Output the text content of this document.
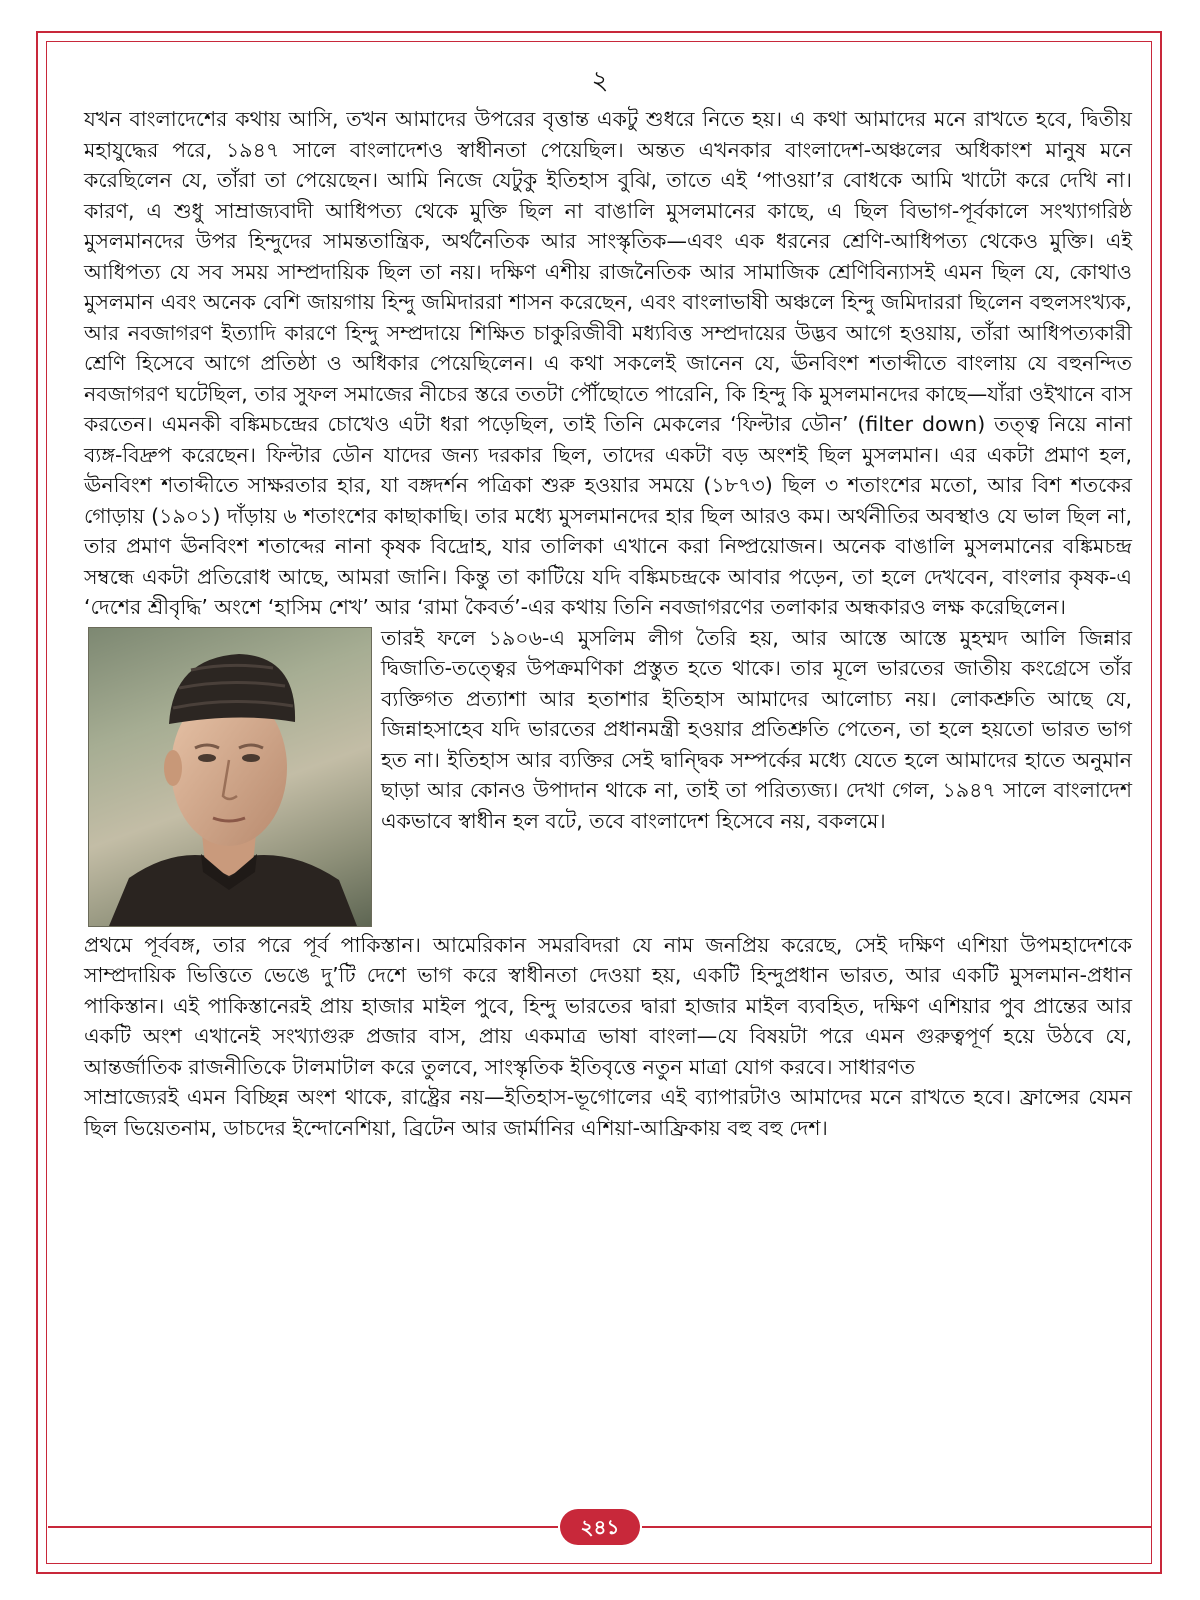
২

যখন বাংলাদেশের কথায় আসি, তখন আমাদের উপরের বৃত্তান্ত একটু শুধরে নিতে হয়। এ কথা আমাদের মনে রাখতে হবে, দ্বিতীয় মহাযুদ্ধের পরে, ১৯৪৭ সালে বাংলাদেশও স্বাধীনতা পেয়েছিল। অন্তত এখনকার বাংলাদেশ-অঞ্চলের অধিকাংশ মানুষ মনে করেছিলেন যে, তাঁরা তা পেয়েছেন। আমি নিজে যেটুকু ইতিহাস বুঝি, তাতে এই ‘পাওয়া’র বোধকে আমি খাটো করে দেখি না। কারণ, এ শুধু সাম্রাজ্যবাদী আধিপত্য থেকে মুক্তি ছিল না বাঙালি মুসলমানের কাছে, এ ছিল বিভাগ-পূর্বকালে সংখ্যাগরিষ্ঠ মুসলমানদের উপর হিন্দুদের সামন্ততান্ত্রিক, অর্থনৈতিক আর সাংস্কৃতিক—এবং এক ধরনের শ্রেণি-আধিপত্য থেকেও মুক্তি। এই আধিপত্য যে সব সময় সাম্প্রদায়িক ছিল তা নয়। দক্ষিণ এশীয় রাজনৈতিক আর সামাজিক শ্রেণিবিন্যাসই এমন ছিল যে, কোথাও মুসলমান এবং অনেক বেশি জায়গায় হিন্দু জমিদাররা শাসন করেছেন, এবং বাংলাভাষী অঞ্চলে হিন্দু জমিদাররা ছিলেন বহুলসংখ্যক, আর নবজাগরণ ইত্যাদি কারণে হিন্দু সম্প্রদায়ে শিক্ষিত চাকুরিজীবী মধ্যবিত্ত সম্প্রদায়ের উদ্ভব আগে হওয়ায়, তাঁরা আধিপত্যকারী শ্রেণি হিসেবে আগে প্রতিষ্ঠা ও অধিকার পেয়েছিলেন। এ কথা সকলেই জানেন যে, ঊনবিংশ শতাব্দীতে বাংলায় যে বহুনন্দিত নবজাগরণ ঘটেছিল, তার সুফল সমাজের নীচের স্তরে ততটা পৌঁছোতে পারেনি, কি হিন্দু কি মুসলমানদের কাছে—যাঁরা ওইখানে বাস করতেন। এমনকী বঙ্কিমচন্দ্রের চোখেও এটা ধরা পড়েছিল, তাই তিনি মেকলের ‘ফিল্টার ডৌন’ (filter down) তত্ত্ব নিয়ে নানা ব্যঙ্গ-বিদ্রুপ করেছেন। ফিল্টার ডৌন যাদের জন্য দরকার ছিল, তাদের একটা বড় অংশই ছিল মুসলমান। এর একটা প্রমাণ হল, ঊনবিংশ শতাব্দীতে সাক্ষরতার হার, যা বঙ্গদর্শন পত্রিকা শুরু হওয়ার সময়ে (১৮৭৩) ছিল ৩ শতাংশের মতো, আর বিশ শতকের গোড়ায় (১৯০১) দাঁড়ায় ৬ শতাংশের কাছাকাছি। তার মধ্যে মুসলমানদের হার ছিল আরও কম। অর্থনীতির অবস্থাও যে ভাল ছিল না, তার প্রমাণ ঊনবিংশ শতাব্দের নানা কৃষক বিদ্রোহ, যার তালিকা এখানে করা নিষ্প্রয়োজন। অনেক বাঙালি মুসলমানের বঙ্কিমচন্দ্র সম্বন্ধে একটা প্রতিরোধ আছে, আমরা জানি। কিন্তু তা কাটিয়ে যদি বঙ্কিমচন্দ্রকে আবার পড়েন, তা হলে দেখবেন, বাংলার কৃষক-এ ‘দেশের শ্রীবৃদ্ধি’ অংশে ‘হাসিম শেখ’ আর ‘রামা কৈবর্ত’-এর কথায় তিনি নবজাগরণের তলাকার অন্ধকারও লক্ষ করেছিলেন।

তারই ফলে ১৯০৬-এ মুসলিম লীগ তৈরি হয়, আর আস্তে আস্তে মুহম্মদ আলি জিন্নার দ্বিজাতি-তত্ত্বের উপক্রমণিকা প্রস্তুত হতে থাকে। তার মূলে ভারতের জাতীয় কংগ্রেসে তাঁর ব্যক্তিগত প্রত্যাশা আর হতাশার ইতিহাস আমাদের আলোচ্য নয়। লোকশ্রুতি আছে যে, জিন্নাহসাহেব যদি ভারতের প্রধানমন্ত্রী হওয়ার প্রতিশ্রুতি পেতেন, তা হলে হয়তো ভারত ভাগ হত না। ইতিহাস আর ব্যক্তির সেই দ্বান্দ্বিক সম্পর্কের মধ্যে যেতে হলে আমাদের হাতে অনুমান ছাড়া আর কোনও উপাদান থাকে না, তাই তা পরিত্যজ্য। দেখা গেল, ১৯৪৭ সালে বাংলাদেশ একভাবে স্বাধীন হল বটে, তবে বাংলাদেশ হিসেবে নয়, বকলমে।

প্রথমে পূর্ববঙ্গ, তার পরে পূর্ব পাকিস্তান। আমেরিকান সমরবিদরা যে নাম জনপ্রিয় করেছে, সেই দক্ষিণ এশিয়া উপমহাদেশকে সাম্প্রদায়িক ভিত্তিতে ভেঙে দু’টি দেশে ভাগ করে স্বাধীনতা দেওয়া হয়, একটি হিন্দুপ্রধান ভারত, আর একটি মুসলমান-প্রধান পাকিস্তান। এই পাকিস্তানেরই প্রায় হাজার মাইল পুবে, হিন্দু ভারতের দ্বারা হাজার মাইল ব্যবহিত, দক্ষিণ এশিয়ার পুব প্রান্তের আর একটি অংশ এখানেই সংখ্যাগুরু প্রজার বাস, প্রায় একমাত্র ভাষা বাংলা—যে বিষয়টা পরে এমন গুরুত্বপূর্ণ হয়ে উঠবে যে, আন্তর্জাতিক রাজনীতিকে টালমাটাল করে তুলবে, সাংস্কৃতিক ইতিবৃত্তে নতুন মাত্রা যোগ করবে। সাধারণত

সাম্রাজ্যেরই এমন বিচ্ছিন্ন অংশ থাকে, রাষ্ট্রের নয়—ইতিহাস-ভূগোলের এই ব্যাপারটাও আমাদের মনে রাখতে হবে। ফ্রান্সের যেমন ছিল ভিয়েতনাম, ডাচদের ইন্দোনেশিয়া, ব্রিটেন আর জার্মানির এশিয়া-আফ্রিকায় বহু বহু দেশ।

২৪১
